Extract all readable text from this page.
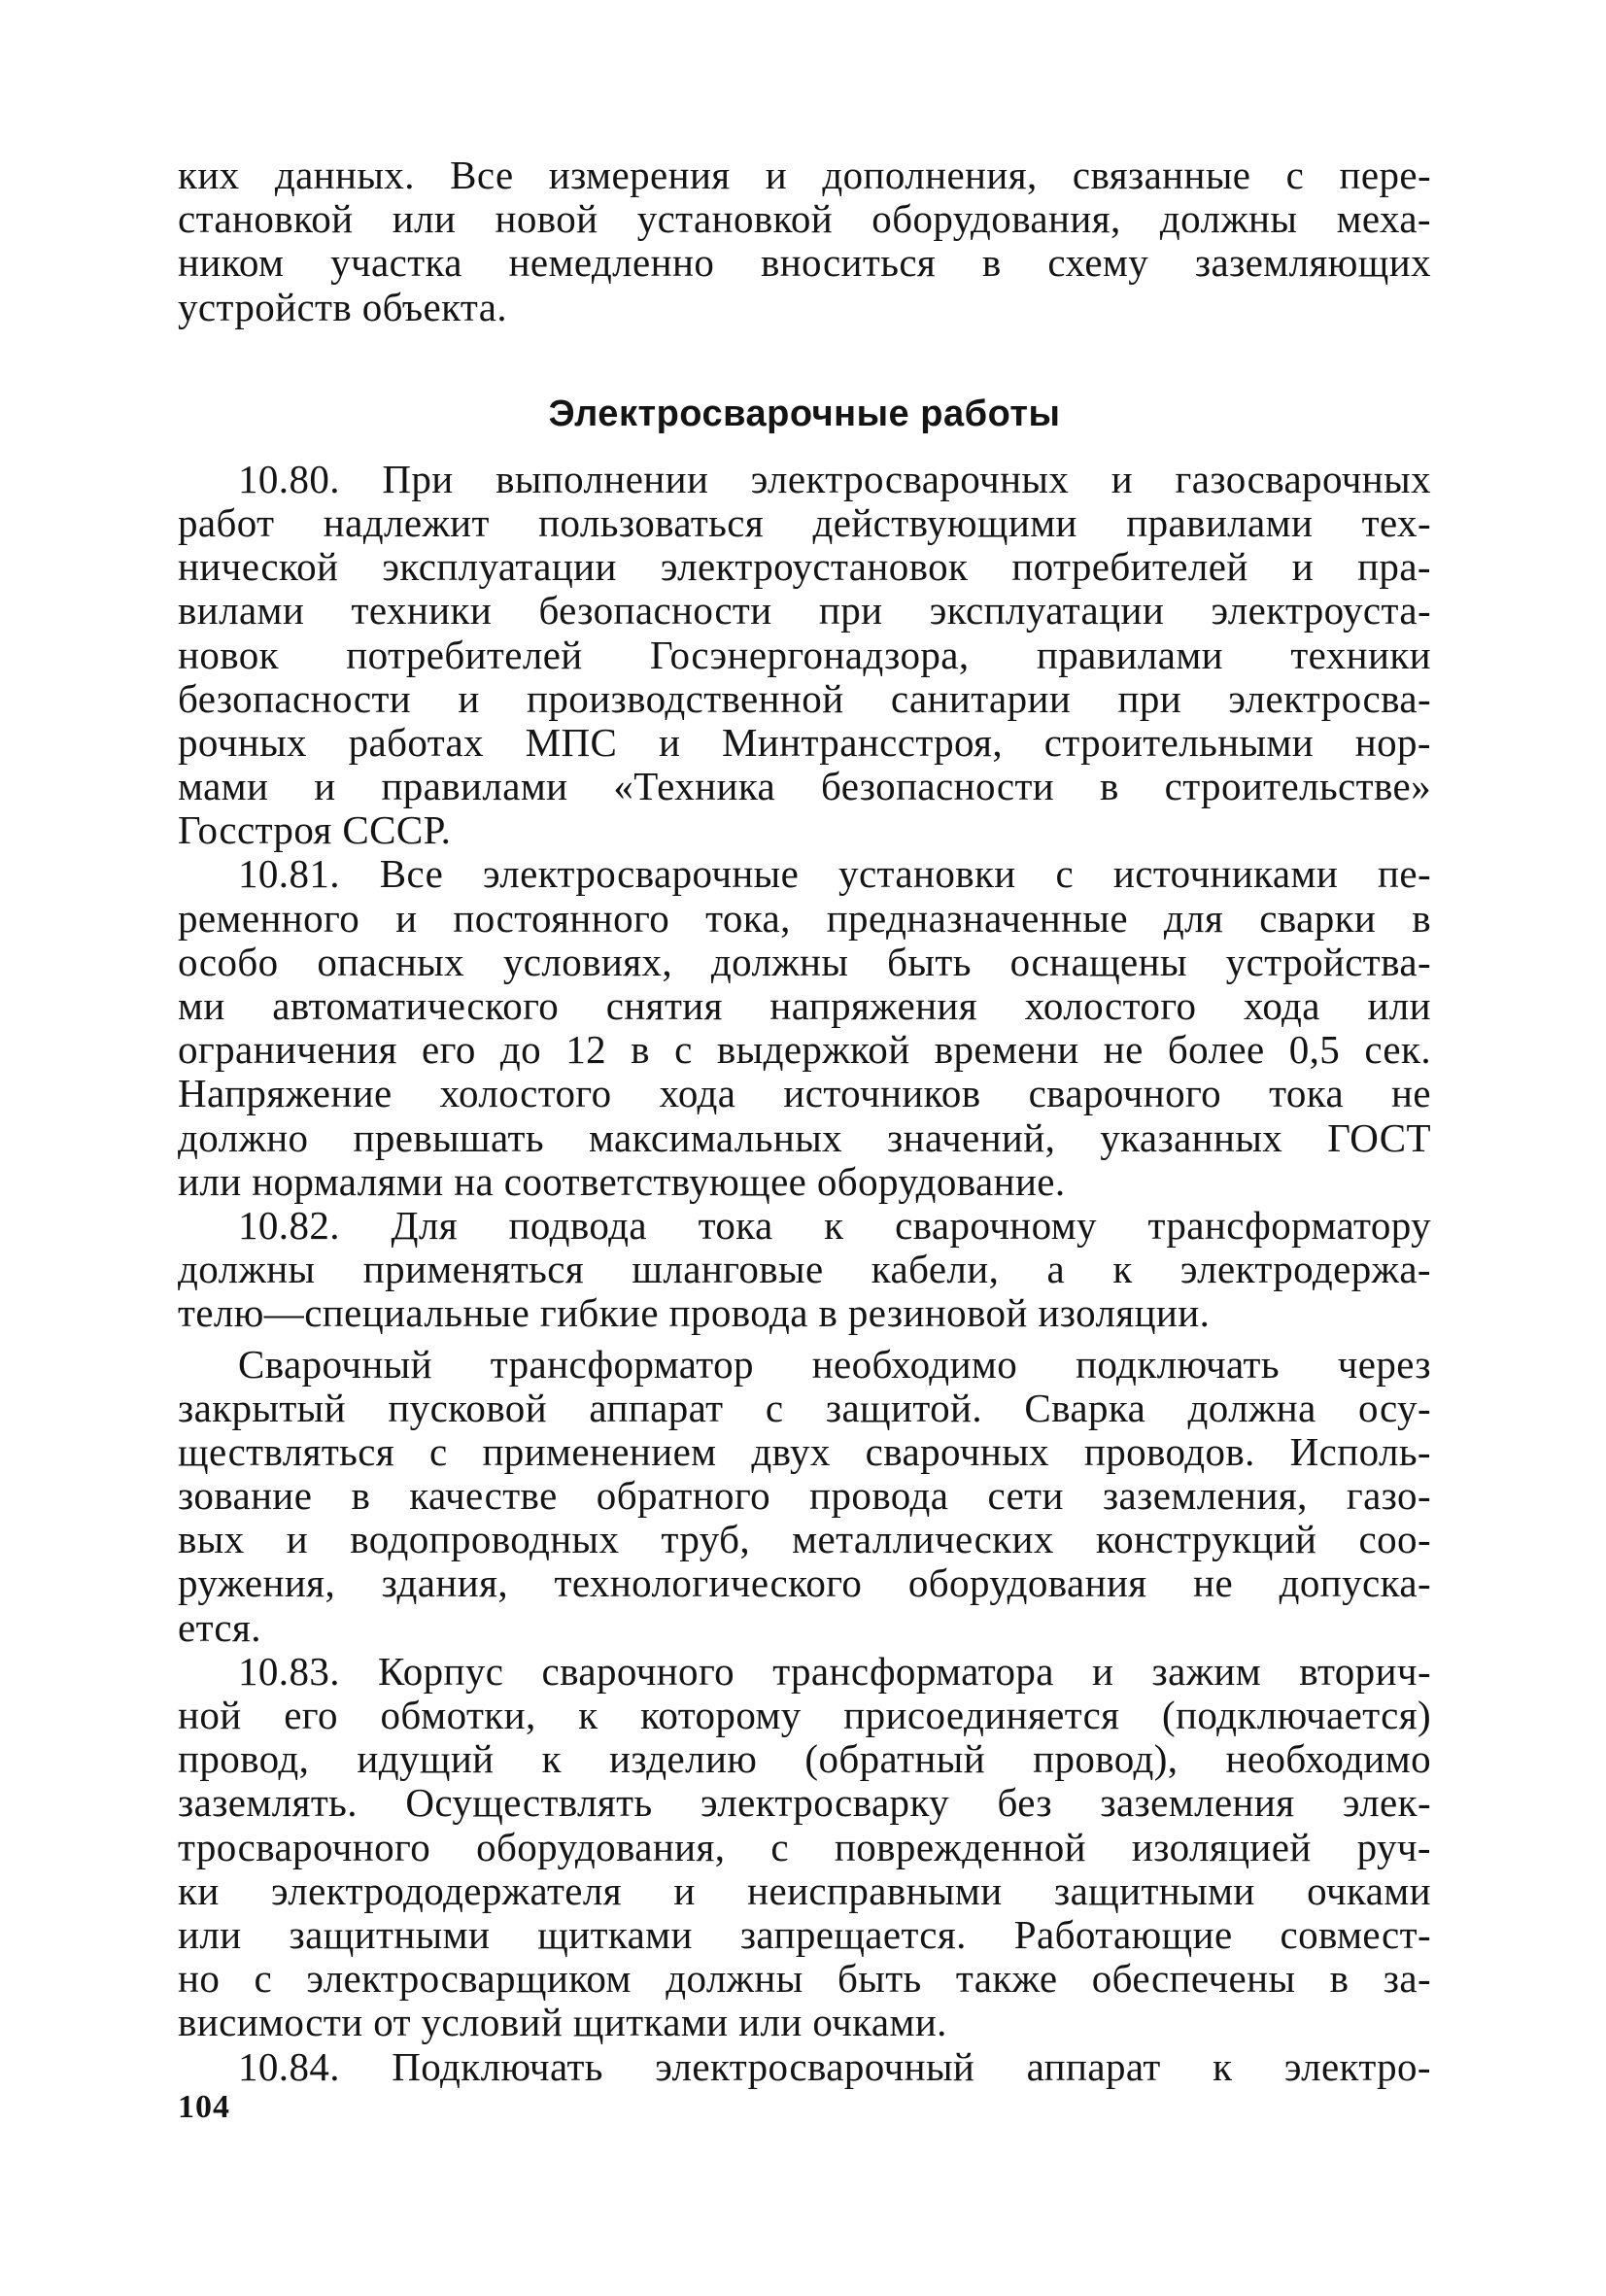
ких данных. Все измерения и дополнения, связанные с пере-
становкой или новой установкой оборудования, должны меха-
ником участка немедленно вноситься в схему заземляющих
устройств объекта.
Электросварочные работы
10.80. При выполнении электросварочных и газосварочных
работ надлежит пользоваться действующими правилами тех-
нической эксплуатации электроустановок потребителей и пра-
вилами техники безопасности при эксплуатации электроуста-
новок потребителей Госэнергонадзора, правилами техники
безопасности и производственной санитарии при электросва-
рочных работах МПС и Минтрансстроя, строительными нор-
мами и правилами «Техника безопасности в строительстве»
Госстроя СССР.
10.81. Все электросварочные установки с источниками пе-
ременного и постоянного тока, предназначенные для сварки в
особо опасных условиях, должны быть оснащены устройства-
ми автоматического снятия напряжения холостого хода или
ограничения его до 12 в с выдержкой времени не более 0,5 сек.
Напряжение холостого хода источников сварочного тока не
должно превышать максимальных значений, указанных ГОСТ
или нормалями на соответствующее оборудование.
10.82. Для подвода тока к сварочному трансформатору
должны применяться шланговые кабели, а к электродержа-
телю—специальные гибкие провода в резиновой изоляции.
Сварочный трансформатор необходимо подключать через
закрытый пусковой аппарат с защитой. Сварка должна осу-
ществляться с применением двух сварочных проводов. Исполь-
зование в качестве обратного провода сети заземления, газо-
вых и водопроводных труб, металлических конструкций соо-
ружения, здания, технологического оборудования не допуска-
ется.
10.83. Корпус сварочного трансформатора и зажим вторич-
ной его обмотки, к которому присоединяется (подключается)
провод, идущий к изделию (обратный провод), необходимо
заземлять. Осуществлять электросварку без заземления элек-
тросварочного оборудования, с поврежденной изоляцией руч-
ки электрододержателя и неисправными защитными очками
или защитными щитками запрещается. Работающие совмест-
но с электросварщиком должны быть также обеспечены в за-
висимости от условий щитками или очками.
10.84. Подключать электросварочный аппарат к электро-
104
